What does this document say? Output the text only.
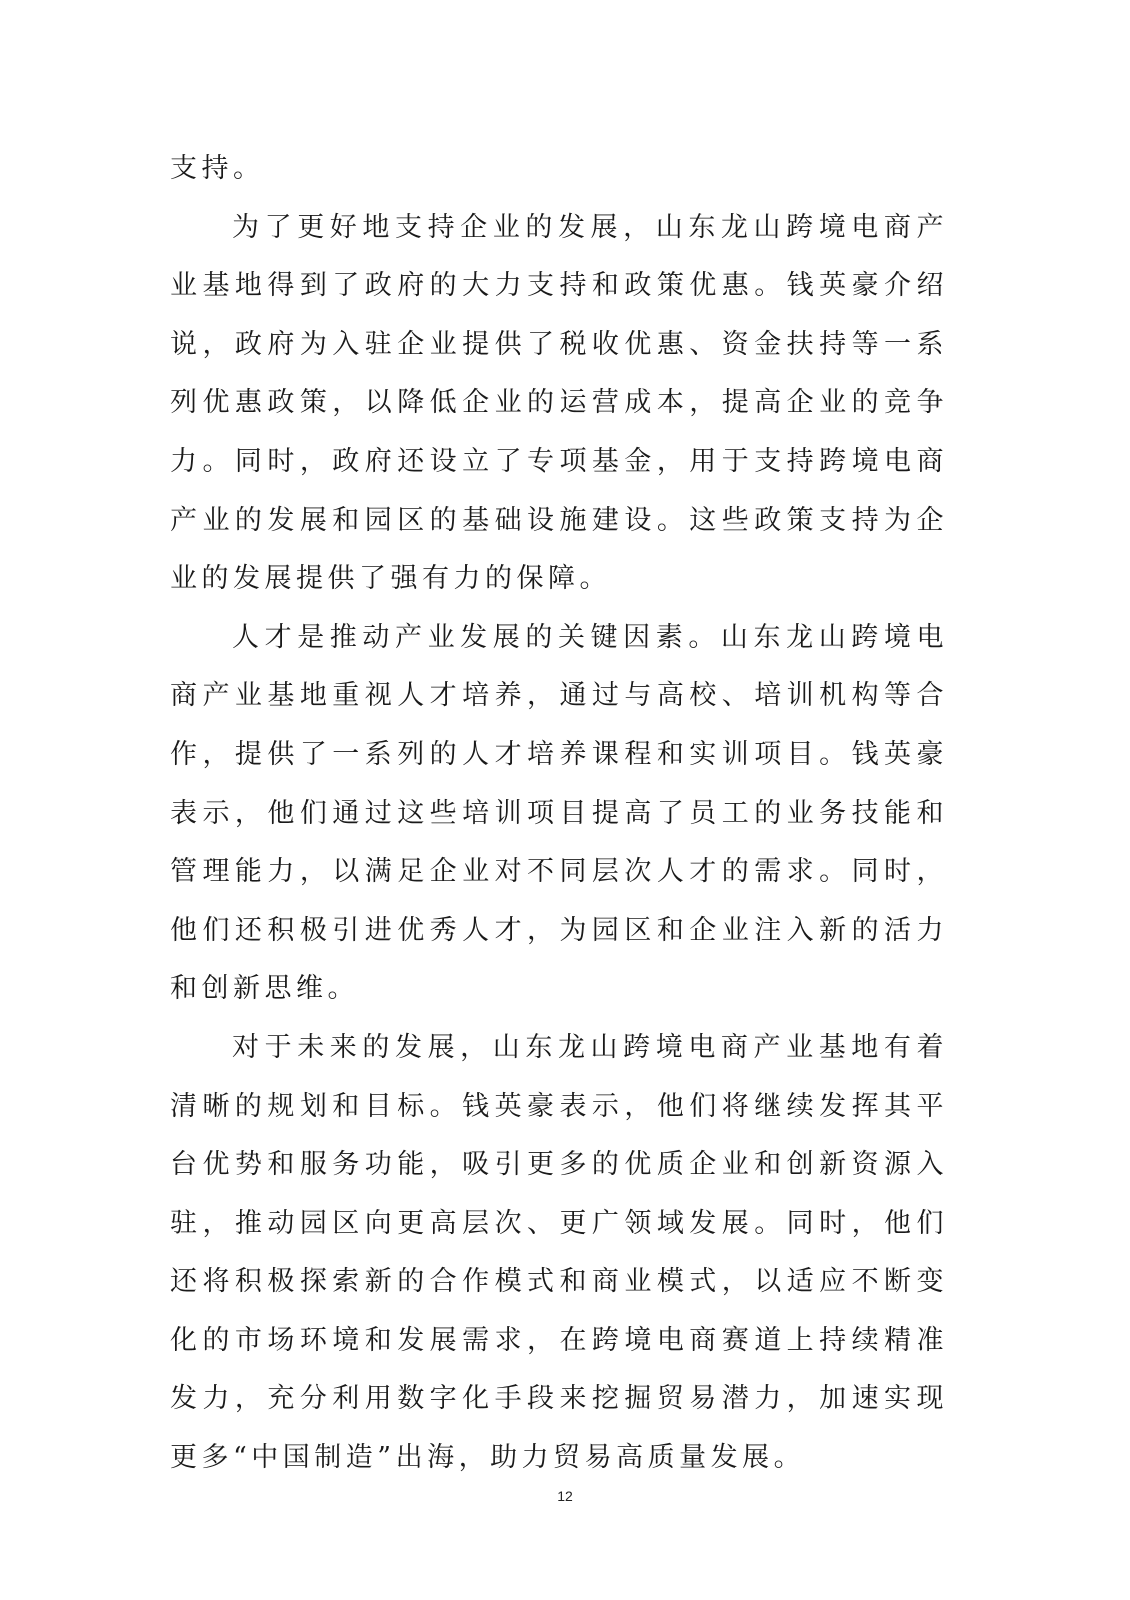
支持。

为了更好地支持企业的发展，山东龙山跨境电商产业基地得到了政府的大力支持和政策优惠。钱英豪介绍说，政府为入驻企业提供了税收优惠、资金扶持等一系列优惠政策，以降低企业的运营成本，提高企业的竞争力。同时，政府还设立了专项基金，用于支持跨境电商产业的发展和园区的基础设施建设。这些政策支持为企业的发展提供了强有力的保障。

人才是推动产业发展的关键因素。山东龙山跨境电商产业基地重视人才培养，通过与高校、培训机构等合作，提供了一系列的人才培养课程和实训项目。钱英豪表示，他们通过这些培训项目提高了员工的业务技能和管理能力，以满足企业对不同层次人才的需求。同时，他们还积极引进优秀人才，为园区和企业注入新的活力和创新思维。

对于未来的发展，山东龙山跨境电商产业基地有着清晰的规划和目标。钱英豪表示，他们将继续发挥其平台优势和服务功能，吸引更多的优质企业和创新资源入驻，推动园区向更高层次、更广领域发展。同时，他们还将积极探索新的合作模式和商业模式，以适应不断变化的市场环境和发展需求，在跨境电商赛道上持续精准发力，充分利用数字化手段来挖掘贸易潜力，加速实现更多“中国制造”出海，助力贸易高质量发展。

12
